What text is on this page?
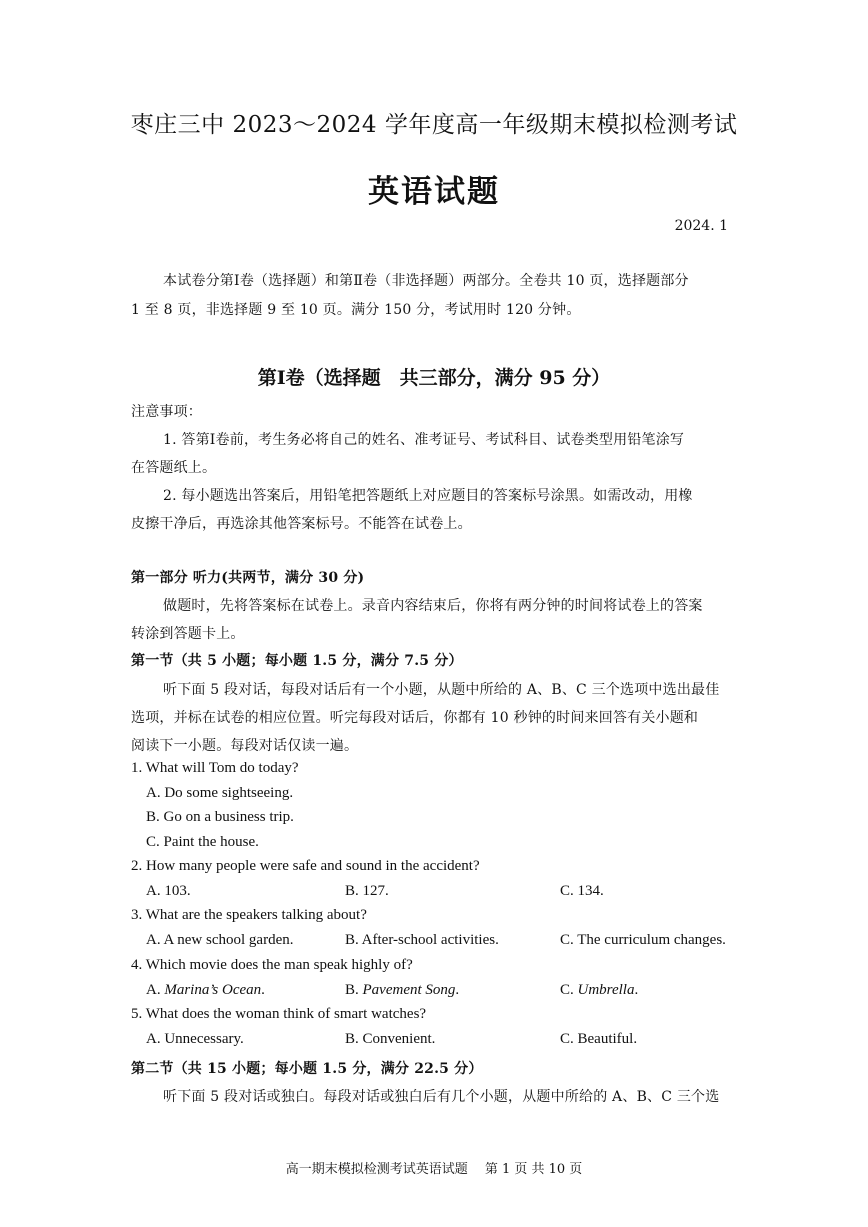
枣庄三中 2023～2024 学年度高一年级期末模拟检测考试
英语试题
2024. 1
本试卷分第Ⅰ卷（选择题）和第Ⅱ卷（非选择题）两部分。全卷共 10 页，选择题部分
1 至 8 页，非选择题 9 至 10 页。满分 150 分，考试用时 120 分钟。
第Ⅰ卷（选择题　共三部分，满分 95 分）
注意事项：
1. 答第Ⅰ卷前，考生务必将自己的姓名、准考证号、考试科目、试卷类型用铅笔涂写
在答题纸上。
2. 每小题选出答案后，用铅笔把答题纸上对应题目的答案标号涂黑。如需改动，用橡
皮擦干净后，再选涂其他答案标号。不能答在试卷上。
第一部分 听力(共两节，满分 30 分)
做题时，先将答案标在试卷上。录音内容结束后，你将有两分钟的时间将试卷上的答案
转涂到答题卡上。
第一节（共 5 小题；每小题 1.5 分，满分 7.5 分）
听下面 5 段对话，每段对话后有一个小题，从题中所给的 A、B、C 三个选项中选出最佳
选项，并标在试卷的相应位置。听完每段对话后，你都有 10 秒钟的时间来回答有关小题和
阅读下一小题。每段对话仅读一遍。
1. What will Tom do today?
A. Do some sightseeing.
B. Go on a business trip.
C. Paint the house.
2. How many people were safe and sound in the accident?
A. 103.	B. 127.	C. 134.
3. What are the speakers talking about?
A. A new school garden.	B. After-school activities.	C. The curriculum changes.
4. Which movie does the man speak highly of?
A. Marina’s Ocean.	B. Pavement Song.	C. Umbrella.
5. What does the woman think of smart watches?
A. Unnecessary.	B. Convenient.	C. Beautiful.
第二节（共 15 小题；每小题 1.5 分，满分 22.5 分）
听下面 5 段对话或独白。每段对话或独白后有几个小题，从题中所给的 A、B、C 三个选
高一期末模拟检测考试英语试题　 第 1 页 共 10 页
